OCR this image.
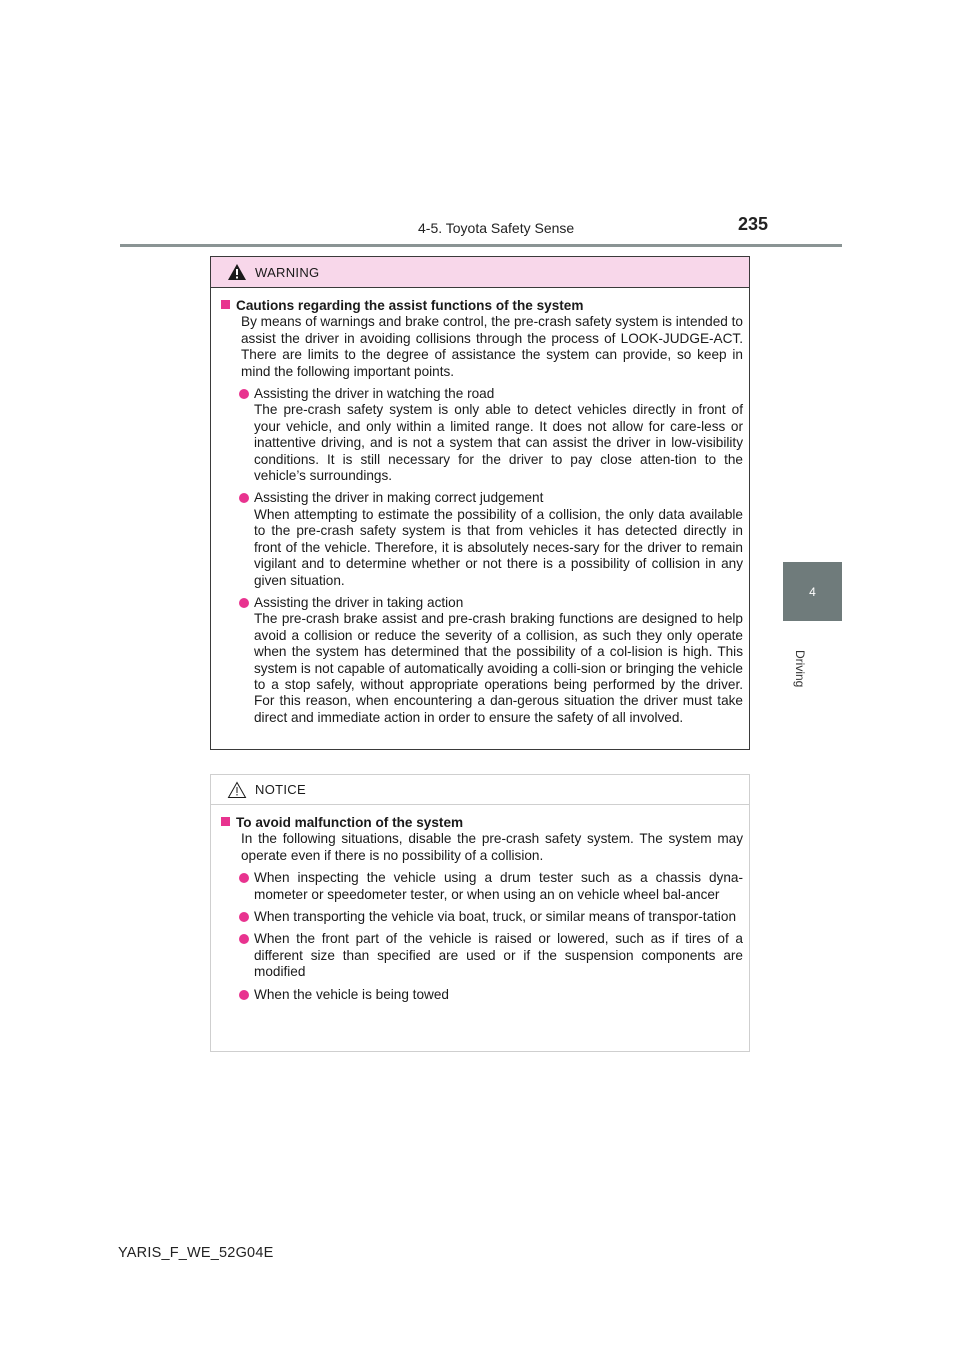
4-5. Toyota Safety Sense	235
4
Driving
WARNING
Cautions regarding the assist functions of the system
By means of warnings and brake control, the pre-crash safety system is intended to assist the driver in avoiding collisions through the process of LOOK-JUDGE-ACT. There are limits to the degree of assistance the system can provide, so keep in mind the following important points.
Assisting the driver in watching the road
The pre-crash safety system is only able to detect vehicles directly in front of your vehicle, and only within a limited range. It does not allow for care-less or inattentive driving, and is not a system that can assist the driver in low-visibility conditions. It is still necessary for the driver to pay close atten-tion to the vehicle’s surroundings.
Assisting the driver in making correct judgement
When attempting to estimate the possibility of a collision, the only data available to the pre-crash safety system is that from vehicles it has detected directly in front of the vehicle. Therefore, it is absolutely neces-sary for the driver to remain vigilant and to determine whether or not there is a possibility of collision in any given situation.
Assisting the driver in taking action
The pre-crash brake assist and pre-crash braking functions are designed to help avoid a collision or reduce the severity of a collision, as such they only operate when the system has determined that the possibility of a col-lision is high. This system is not capable of automatically avoiding a colli-sion or bringing the vehicle to a stop safely, without appropriate operations being performed by the driver. For this reason, when encountering a dan-gerous situation the driver must take direct and immediate action in order to ensure the safety of all involved.
NOTICE
To avoid malfunction of the system
In the following situations, disable the pre-crash safety system. The system may operate even if there is no possibility of a collision.
When inspecting the vehicle using a drum tester such as a chassis dyna-mometer or speedometer tester, or when using an on vehicle wheel bal-ancer
When transporting the vehicle via boat, truck, or similar means of transpor-tation
When the front part of the vehicle is raised or lowered, such as if tires of a different size than specified are used or if the suspension components are modified
When the vehicle is being towed
YARIS_F_WE_52G04E
